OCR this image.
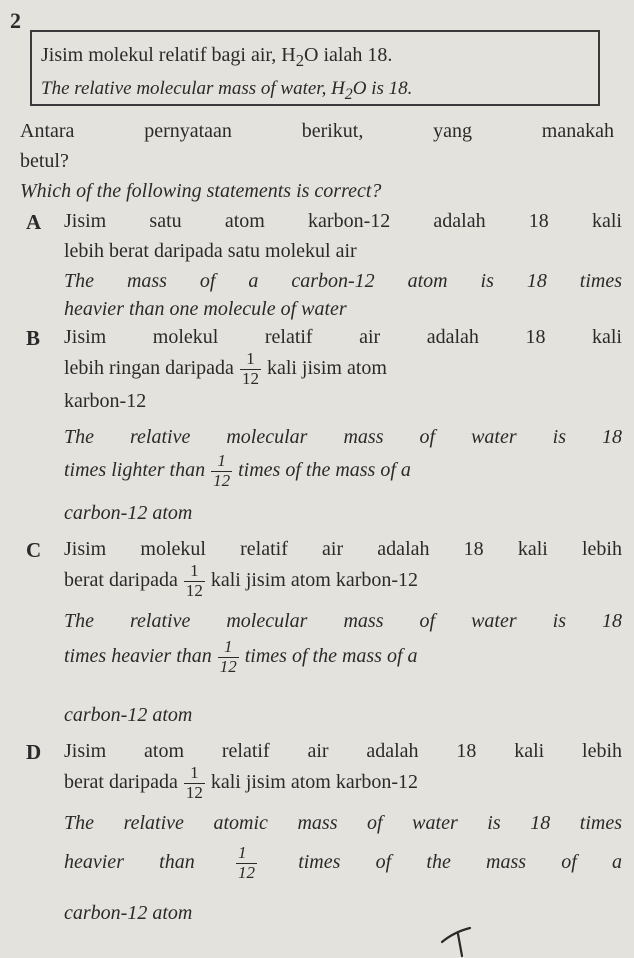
2
Jisim molekul relatif bagi air, $H_2O$ ialah 18.
The relative molecular mass of water, $H_2O$ is 18.
Antara pernyataan berikut, yang manakah
betul?
Which of the following statements is correct?
A Jisim satu atom karbon-12 adalah 18 kali
lebih berat daripada satu molekul air
The mass of a carbon-12 atom is 18 times
heavier than one molecule of water
B Jisim molekul relatif air adalah 18 kali
lebih ringan daripada $\frac{1}{12}$ kali jisim atom
karbon-12
The relative molecular mass of water is 18
times lighter than $\frac{1}{12}$ times of the mass of a
carbon-12 atom
C Jisim molekul relatif air adalah 18 kali lebih
berat daripada $\frac{1}{12}$ kali jisim atom karbon-12
The relative molecular mass of water is 18
times heavier than $\frac{1}{12}$ times of the mass of a
carbon-12 atom
D Jisim atom relatif air adalah 18 kali lebih
berat daripada $\frac{1}{12}$ kali jisim atom karbon-12
The relative atomic mass of water is 18 times
heavier than $\frac{1}{12}$ times of the mass of a
carbon-12 atom
